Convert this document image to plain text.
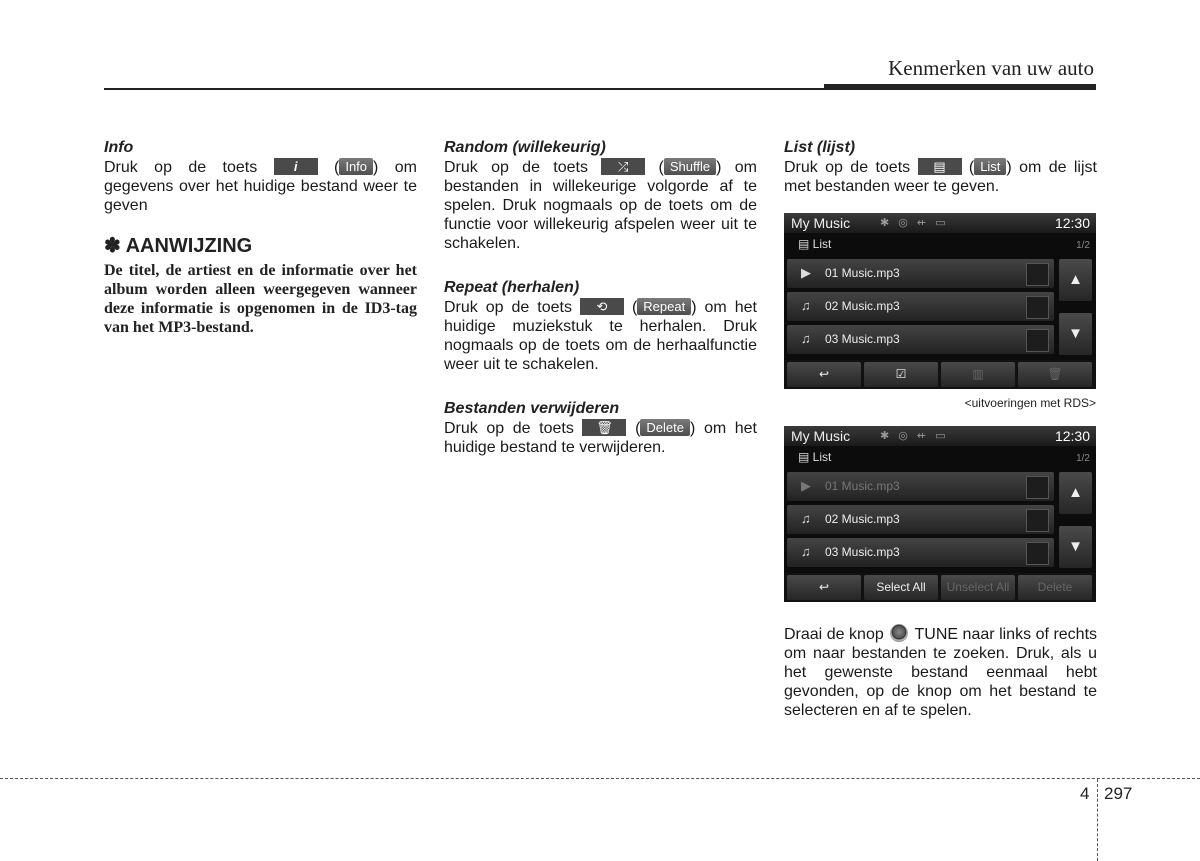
Kenmerken van uw auto
Info

Druk op de toets	i ( Info ) om gegevens over het huidige bestand weer te geven

✽ AANWIJZING

De titel, de artiest en de informatie over het album worden alleen weergegeven wanneer deze informatie is opgenomen in de ID3-tag van het MP3-bestand.

Random (willekeurig)

Druk op de toets ⤮ ( Shuffle ) om bestanden in willekeurige volgorde af te spelen. Druk nogmaals op de toets om de functie voor willekeurig afspelen weer uit te schakelen.

Repeat (herhalen)

Druk op de toets ⟲ ( Repeat ) om het huidige muziekstuk te herhalen. Druk nogmaals op de toets om de herhaalfunctie weer uit te schakelen.

Bestanden verwijderen

Druk op de toets 🗑 ( Delete ) om het huidige bestand te verwijderen.

List (lijst)

Druk op de toets ▤ ( List ) om de lijst met bestanden weer te geven.

My Music	✱ ◎ ⇷ ▭	12:30
▤ List	1/2
▶	01 Music.mp3
♫	02 Music.mp3
♫	03 Music.mp3
▲
▼
↩	☑	▥	🗑
<uitvoeringen met RDS>
My Music	✱ ◎ ⇷ ▭	12:30
▤ List	1/2
▶	01 Music.mp3
♫	02 Music.mp3
♫	03 Music.mp3
▲
▼
↩	Select All	Unselect All	Delete

Draai de knop TUNE naar links of rechts om naar bestanden te zoeken. Druk, als u het gewenste bestand eenmaal hebt gevonden, op de knop om het bestand te selecteren en af te spelen.

4 297
